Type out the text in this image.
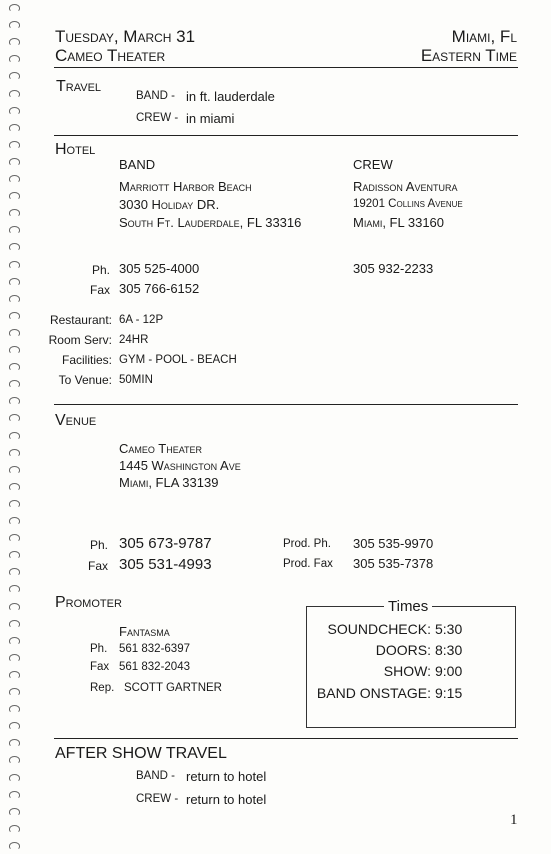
Tuesday, March 31
Cameo Theater
Miami, Fl
Eastern Time
Travel
BAND - in ft. lauderdale
CREW - in miami
Hotel
BAND
Marriott Harbor Beach
3030 Holiday DR.
South Ft. Lauderdale, FL 33316
CREW
Radisson Aventura
19201 Collins Avenue
Miami, FL 33160
Ph. 305 525-4000	305 932-2233
Fax 305 766-6152
Restaurant: 6A - 12P
Room Serv: 24HR
Facilities: GYM - POOL - BEACH
To Venue: 50MIN
Venue
Cameo Theater
1445 Washington Ave
Miami, FLA 33139
Ph. 305 673-9787
Fax 305 531-4993
Prod. Ph. 305 535-9970
Prod. Fax 305 535-7378
Promoter
Fantasma
Ph. 561 832-6397
Fax 561 832-2043
Rep. SCOTT GARTNER
Times
SOUNDCHECK: 5:30
DOORS: 8:30
SHOW: 9:00
BAND ONSTAGE: 9:15
AFTER SHOW TRAVEL
BAND - return to hotel
CREW - return to hotel
1
